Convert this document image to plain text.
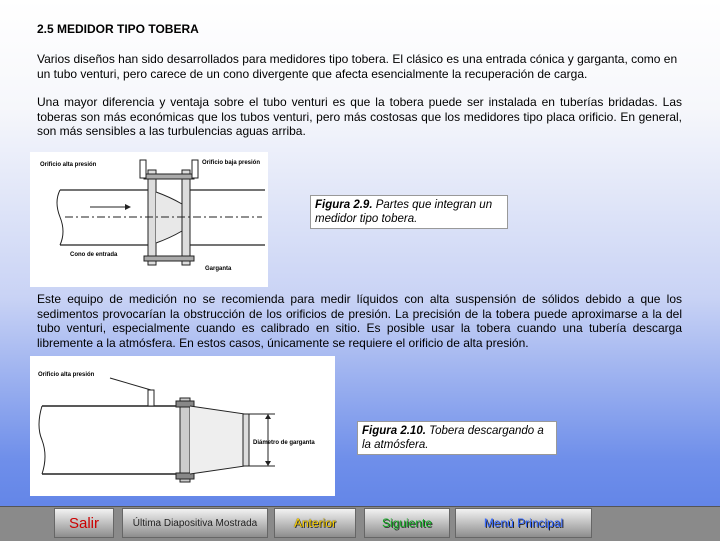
2.5 MEDIDOR TIPO TOBERA

Varios diseños han sido desarrollados para medidores tipo tobera. El clásico es una entrada cónica y garganta, como en un tubo venturi, pero carece de un cono divergente que afecta esencialmente la recuperación de carga.

Una mayor diferencia y ventaja sobre el tubo venturi es que la tobera puede ser instalada en tuberías bridadas. Las toberas son más económicas que los tubos venturi, pero más costosas que los medidores tipo placa orificio. En general, son más sensibles a las turbulencias aguas arriba.

Orificio alta presión	Orificio baja presión
Cono de entrada
Garganta
Figura 2.9. Partes que integran un medidor tipo tobera.

Este equipo de medición no se recomienda para medir líquidos con alta suspensión de sólidos debido a que los sedimentos provocarían la obstrucción de los orificios de presión. La precisión de la tobera puede aproximarse a la del tubo venturi, especialmente cuando es calibrado en sitio. Es posible usar la tobera cuando una tubería descarga libremente a la atmósfera. En estos casos, únicamente se requiere el orificio de alta presión.

Orificio alta presión
Diámetro de garganta
Figura 2.10. Tobera descargando a la atmósfera.
Salir	Última Diapositiva Mostrada	Anterior	Siguiente	Menú Principal
